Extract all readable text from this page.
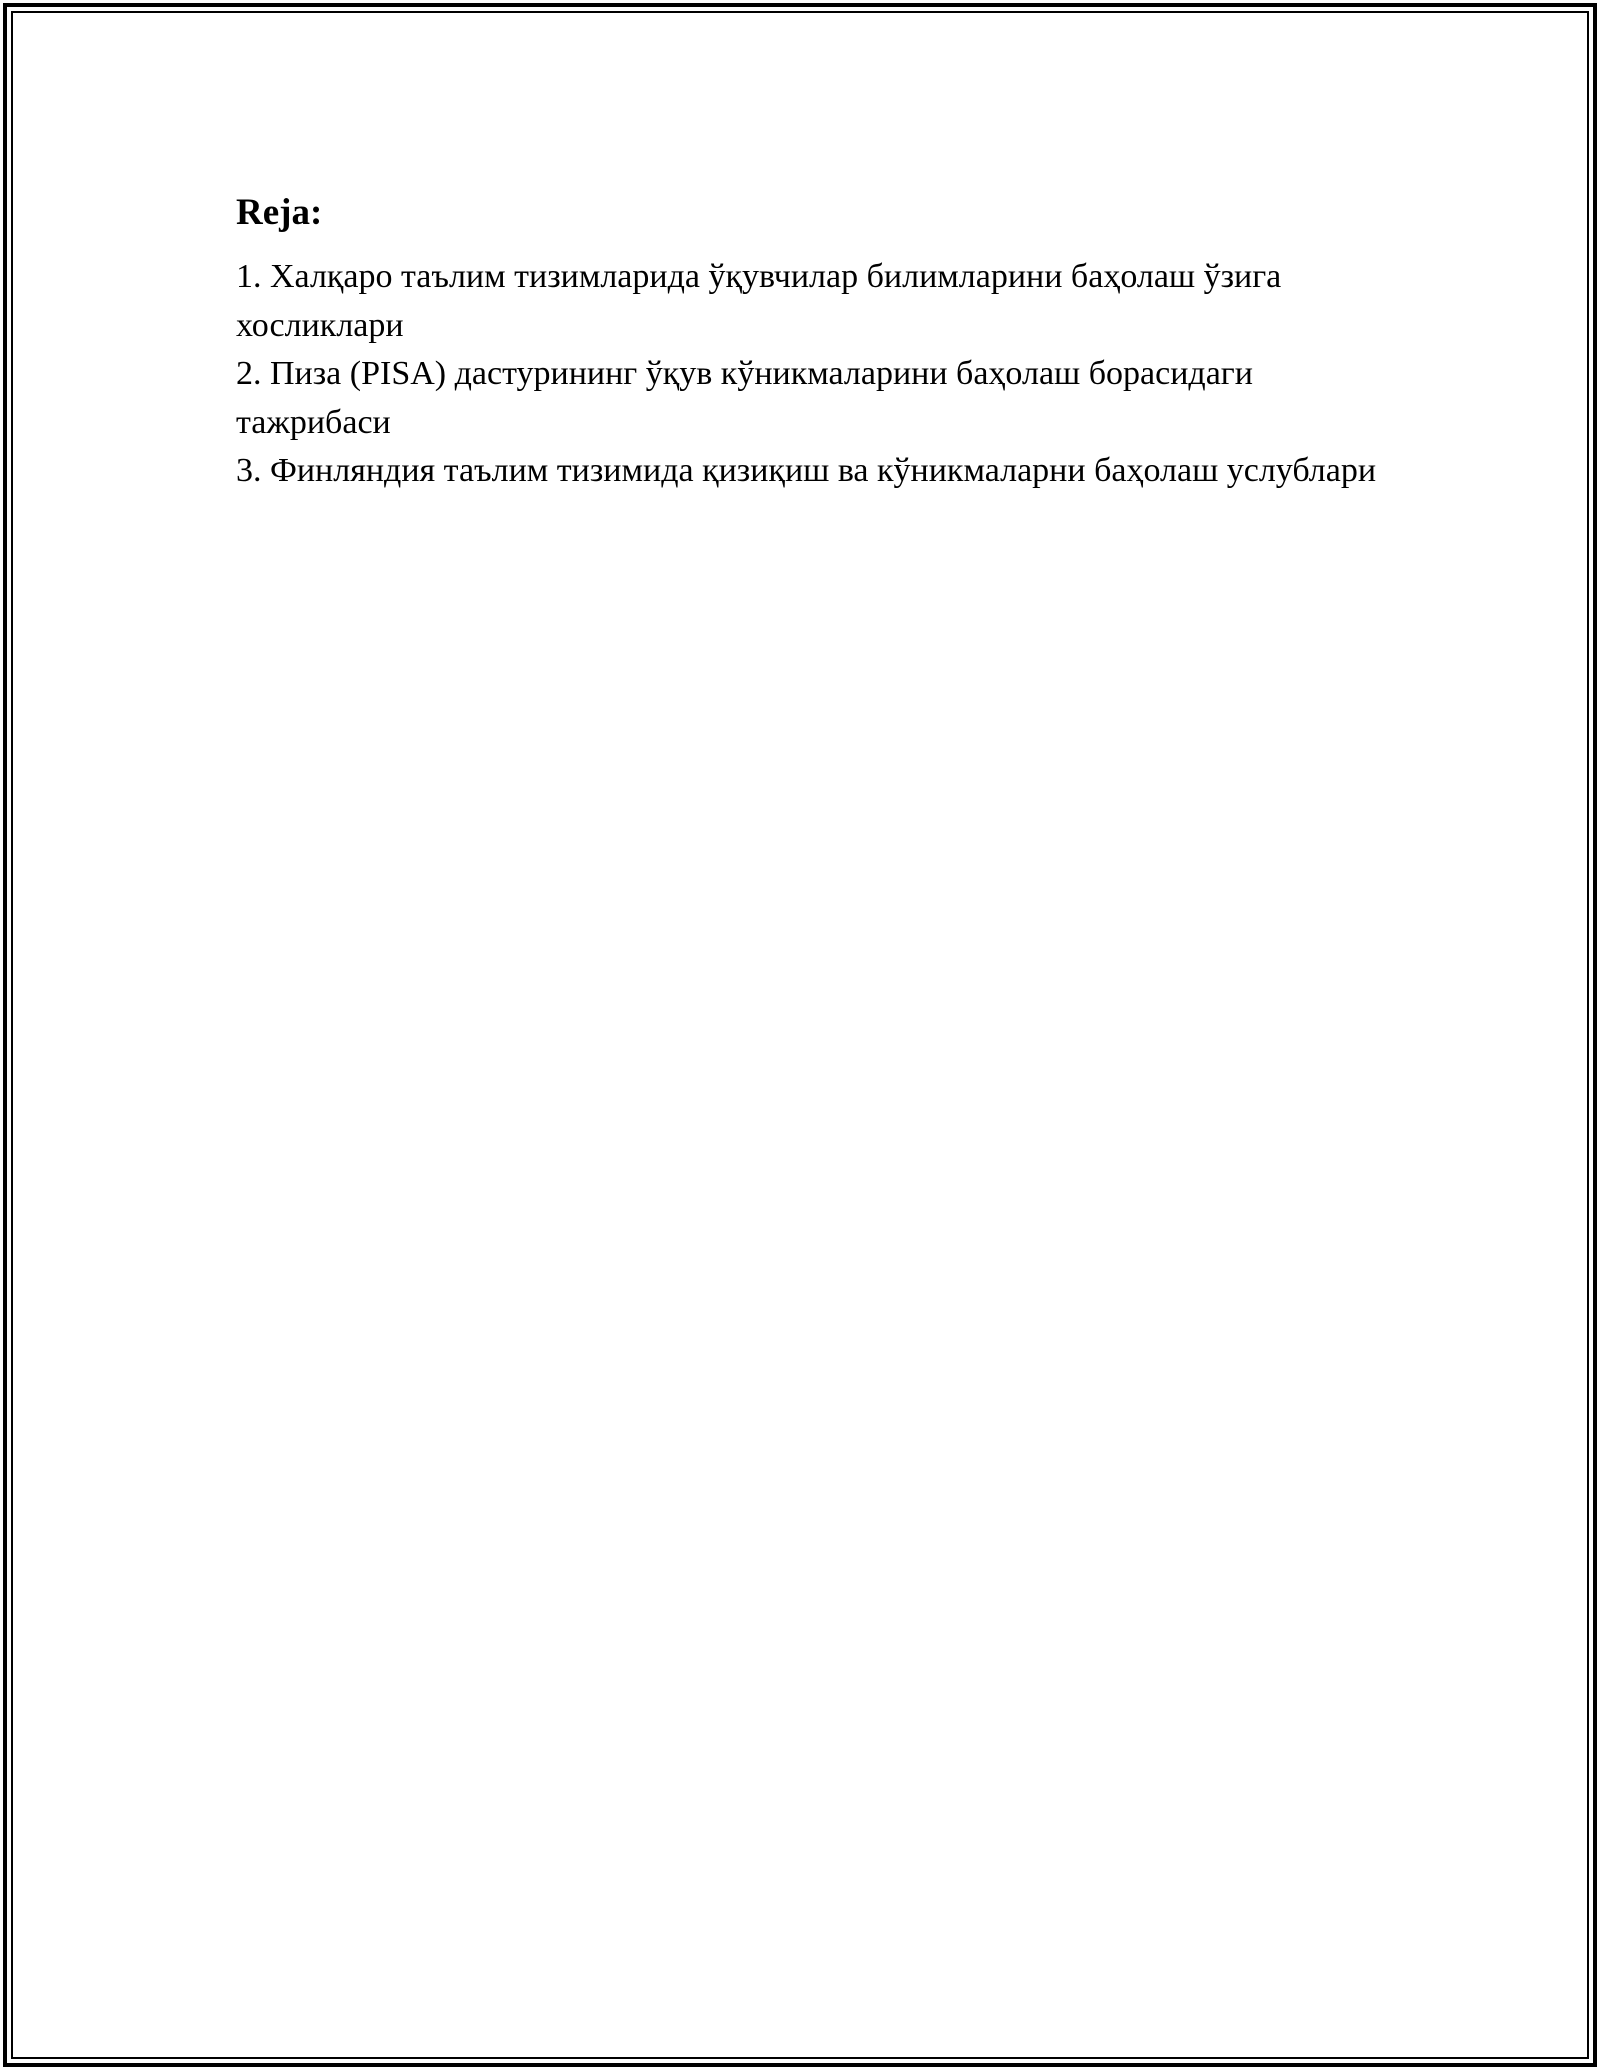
Reja:

1. Халқаро таълим тизимларида ўқувчилар билимларини баҳолаш ўзига хосликлари

2. Пиза (PISA) дастурининг ўқув кўникмаларини баҳолаш борасидаги тажрибаси

3. Финляндия таълим тизимида қизиқиш ва кўникмаларни баҳолаш услублари
